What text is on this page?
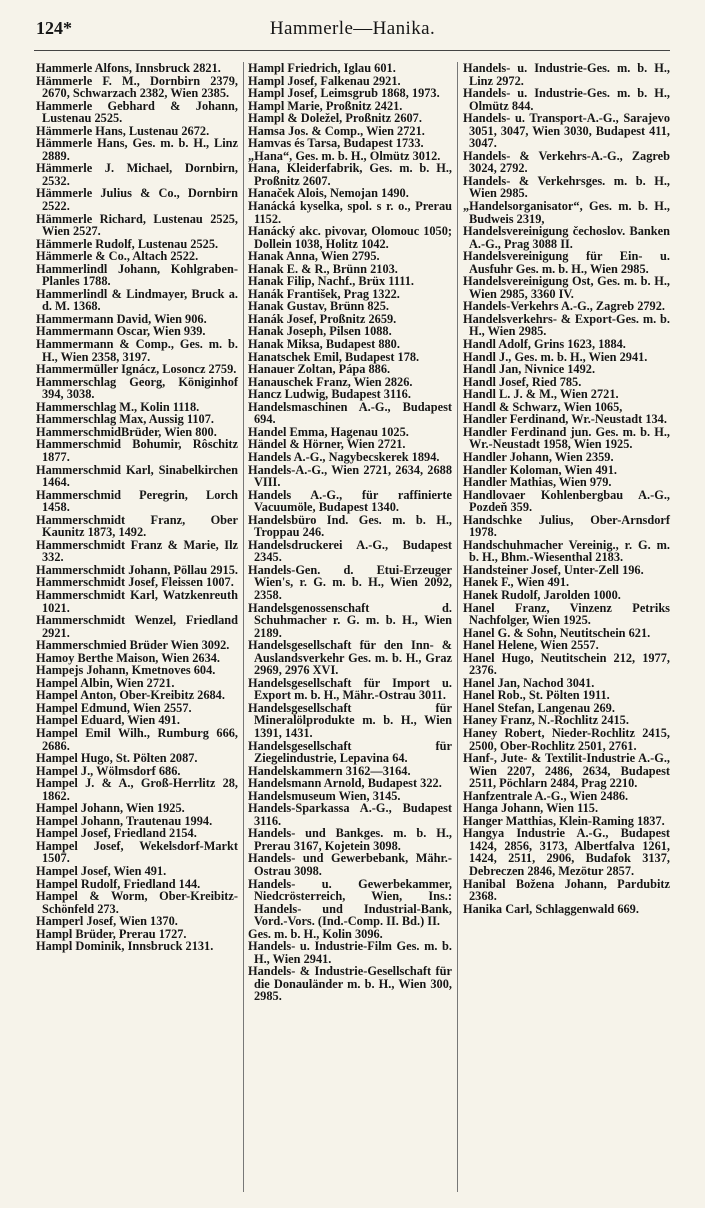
124*	Hammerle—Hanika.

Hammerle Alfons, Innsbruck 2821.

Hämmerle F. M., Dornbirn 2379, 2670, Schwarzach 2382, Wien 2385.

Hammerle Gebhard & Johann, Lustenau 2525.

Hämmerle Hans, Lustenau 2672.

Hämmerle Hans, Ges. m. b. H., Linz 2889.

Hämmerle J. Michael, Dornbirn, 2532.

Hämmerle Julius & Co., Dornbirn 2522.

Hämmerle Richard, Lustenau 2525, Wien 2527.

Hämmerle Rudolf, Lustenau 2525.

Hämmerle & Co., Altach 2522.

Hammerlindl Johann, Kohlgraben-Planles 1788.

Hammerlindl & Lindmayer, Bruck a. d. M. 1368.

Hammermann David, Wien 906.

Hammermann Oscar, Wien 939.

Hammermann & Comp., Ges. m. b. H., Wien 2358, 3197.

Hammermüller Ignácz, Losoncz 2759.

Hammerschlag Georg, Königinhof 394, 3038.

Hammerschlag M., Kolin 1118.

Hammerschlag Max, Aussig 1107.

HammerschmidBrüder, Wien 800.

Hammerschmid Bohumir, Rôschitz 1877.

Hammerschmid Karl, Sinabelkirchen 1464.

Hammerschmid Peregrin, Lorch 1458.

Hammerschmidt Franz, Ober Kaunitz 1873, 1492.

Hammerschmidt Franz & Marie, Ilz 332.

Hammerschmidt Johann, Pöllau 2915.

Hammerschmidt Josef, Fleissen 1007.

Hammerschmidt Karl, Watzkenreuth 1021.

Hammerschmidt Wenzel, Friedland 2921.

Hammerschmied Brüder Wien 3092.

Hamoy Berthe Maison, Wien 2634.

Hampejs Johann, Kmetnoves 604.

Hampel Albin, Wien 2721.

Hampel Anton, Ober-Kreibitz 2684.

Hampel Edmund, Wien 2557.

Hampel Eduard, Wien 491.

Hampel Emil Wilh., Rumburg 666, 2686.

Hampel Hugo, St. Pölten 2087.

Hampel J., Wölmsdorf 686.

Hampel J. & A., Groß-Herrlitz 28, 1862.

Hampel Johann, Wien 1925.

Hampel Johann, Trautenau 1994.

Hampel Josef, Friedland 2154.

Hampel Josef, Wekelsdorf-Markt 1507.

Hampel Josef, Wien 491.

Hampel Rudolf, Friedland 144.

Hampel & Worm, Ober-Kreibitz-Schönfeld 273.

Hamperl Josef, Wien 1370.

Hampl Brüder, Prerau 1727.

Hampl Dominik, Innsbruck 2131.

Hampl Friedrich, Iglau 601.

Hampl Josef, Falkenau 2921.

Hampl Josef, Leimsgrub 1868, 1973.

Hampl Marie, Proßnitz 2421.

Hampl & Doležel, Proßnitz 2607.

Hamsa Jos. & Comp., Wien 2721.

Hamvas és Tarsa, Budapest 1733.

„Hana“, Ges. m. b. H., Olmütz 3012.

Hana, Kleiderfabrik, Ges. m. b. H., Proßnitz 2607.

Hanaček Alois, Nemojan 1490.

Hanácká kyselka, spol. s r. o., Prerau 1152.

Hanácký akc. pivovar, Olomouc 1050; Dollein 1038, Holitz 1042.

Hanak Anna, Wien 2795.

Hanak E. & R., Brünn 2103.

Hanak Filip, Nachf., Brüx 1111.

Hanák František, Prag 1322.

Hanak Gustav, Brünn 825.

Hanák Josef, Proßnitz 2659.

Hanak Joseph, Pilsen 1088.

Hanak Miksa, Budapest 880.

Hanatschek Emil, Budapest 178.

Hanauer Zoltan, Pápa 886.

Hanauschek Franz, Wien 2826.

Hancz Ludwig, Budapest 3116.

Handelsmaschinen A.-G., Budapest 694.

Handel Emma, Hagenau 1025.

Händel & Hörner, Wien 2721.

Handels A.-G., Nagybecskerek 1894.

Handels-A.-G., Wien 2721, 2634, 2688 VIII.

Handels A.-G., für raffinierte Vacuumöle, Budapest 1340.

Handelsbüro Ind. Ges. m. b. H., Troppau 246.

Handelsdruckerei A.-G., Budapest 2345.

Handels-Gen. d. Etui-Erzeuger Wien's, r. G. m. b. H., Wien 2092, 2358.

Handelsgenossenschaft d. Schuhmacher r. G. m. b. H., Wien 2189.

Handelsgesellschaft für den Inn- & Auslandsverkehr Ges. m. b. H., Graz 2969, 2976 XVI.

Handelsgesellschaft für Import u. Export m. b. H., Mähr.-Ostrau 3011.

Handelsgesellschaft für Mineralölprodukte m. b. H., Wien 1391, 1431.

Handelsgesellschaft für Ziegelindustrie, Lepavina 64.

Handelskammern 3162—3164.

Handelsmann Arnold, Budapest 322.

Handelsmuseum Wien, 3145.

Handels-Sparkassa A.-G., Budapest 3116.

Handels- und Bankges. m. b. H., Prerau 3167, Kojetein 3098.

Handels- und Gewerbebank, Mähr.-Ostrau 3098.

Handels- u. Gewerbekammer, Niedcrösterreich, Wien, Ins.: Handels- und Industrial-Bank, Vord.-Vors. (Ind.-Comp. II. Bd.) II.

Ges. m. b. H., Kolin 3096.

Handels- u. Industrie-Film Ges. m. b. H., Wien 2941.

Handels- & Industrie-Gesellschaft für die Donauländer m. b. H., Wien 300, 2985.

Handels- u. Industrie-Ges. m. b. H., Linz 2972.

Handels- u. Industrie-Ges. m. b. H., Olmütz 844.

Handels- u. Transport-A.-G., Sarajevo 3051, 3047, Wien 3030, Budapest 411, 3047.

Handels- & Verkehrs-A.-G., Zagreb 3024, 2792.

Handels- & Verkehrsges. m. b. H., Wien 2985.

„Handelsorganisator“, Ges. m. b. H., Budweis 2319,

Handelsvereinigung čechoslov. Banken A.-G., Prag 3088 II.

Handelsvereinigung für Ein- u. Ausfuhr Ges. m. b. H., Wien 2985.

Handelsvereinigung Ost, Ges. m. b. H., Wien 2985, 3360 IV.

Handels-Verkehrs A.-G., Zagreb 2792.

Handelsverkehrs- & Export-Ges. m. b. H., Wien 2985.

Handl Adolf, Grins 1623, 1884.

Handl J., Ges. m. b. H., Wien 2941.

Handl Jan, Nivnice 1492.

Handl Josef, Ried 785.

Handl L. J. & M., Wien 2721.

Handl & Schwarz, Wien 1065,

Handler Ferdinand, Wr.-Neustadt 134.

Handler Ferdinand jun. Ges. m. b. H., Wr.-Neustadt 1958, Wien 1925.

Handler Johann, Wien 2359.

Handler Koloman, Wien 491.

Handler Mathias, Wien 979.

Handlovaer Kohlenbergbau A.-G., Pozdeň 359.

Handschke Julius, Ober-Arnsdorf 1978.

Handschuhmacher Vereinig., r. G. m. b. H., Bhm.-Wiesenthal 2183.

Handsteiner Josef, Unter-Zell 196.

Hanek F., Wien 491.

Hanek Rudolf, Jarolden 1000.

Hanel Franz, Vinzenz Petriks Nachfolger, Wien 1925.

Hanel G. & Sohn, Neutitschein 621.

Hanel Helene, Wien 2557.

Hanel Hugo, Neutitschein 212, 1977, 2376.

Hanel Jan, Nachod 3041.

Hanel Rob., St. Pölten 1911.

Hanel Stefan, Langenau 269.

Haney Franz, N.-Rochlitz 2415.

Haney Robert, Nieder-Rochlitz 2415, 2500, Ober-Rochlitz 2501, 2761.

Hanf-, Jute- & Textilit-Industrie A.-G., Wien 2207, 2486, 2634, Budapest 2511, Pöchlarn 2484, Prag 2210.

Hanfzentrale A.-G., Wien 2486.

Hanga Johann, Wien 115.

Hanger Matthias, Klein-Raming 1837.

Hangya Industrie A.-G., Budapest 1424, 2856, 3173, Albertfalva 1261, 1424, 2511, 2906, Budafok 3137, Debreczen 2846, Mezötur 2857.

Hanibal Božena Johann, Pardubitz 2368.

Hanika Carl, Schlaggenwald 669.
